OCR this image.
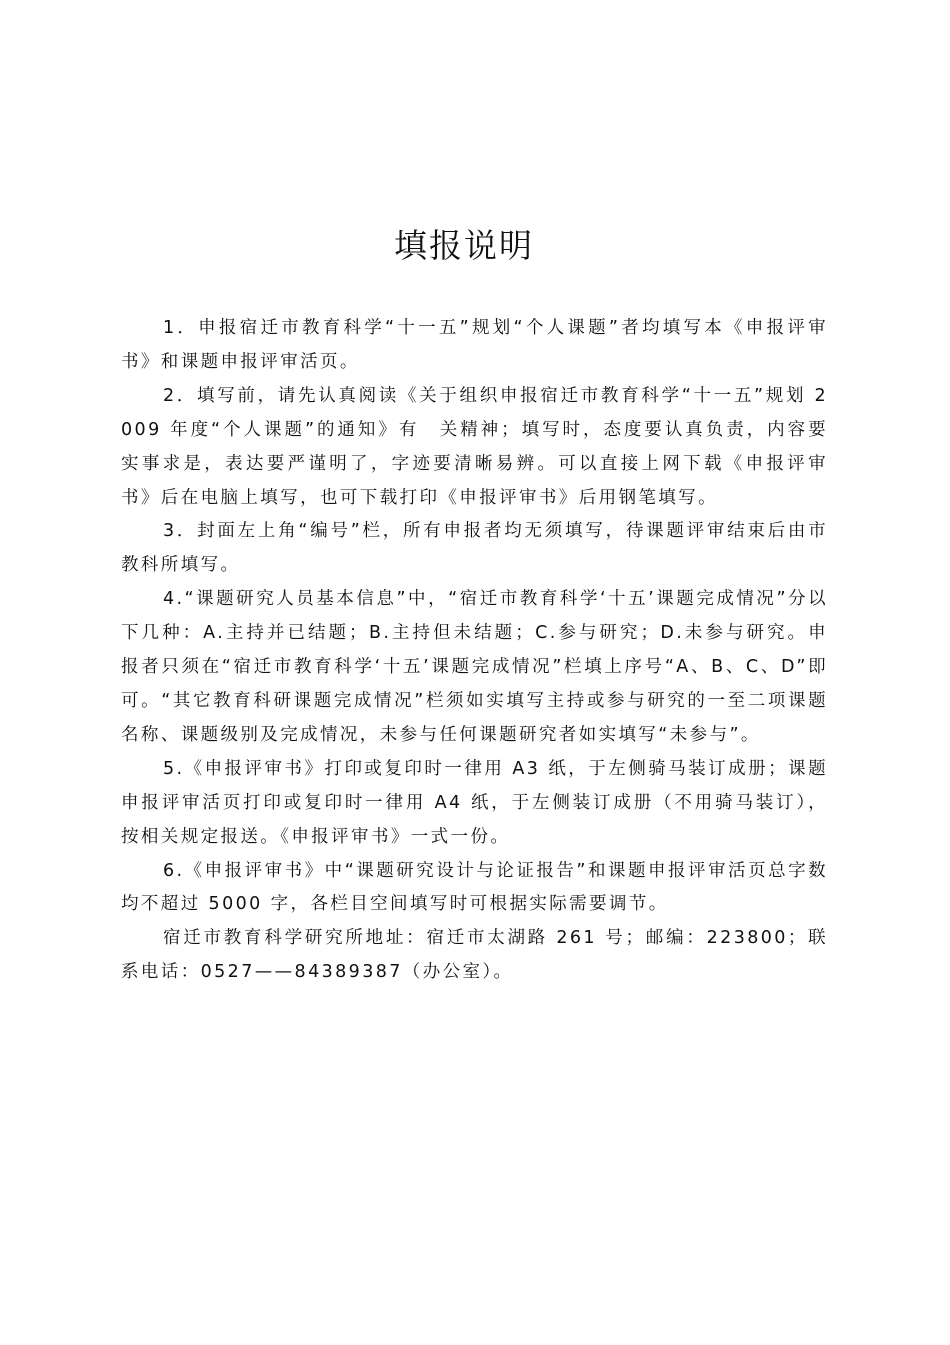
填报说明

1．申报宿迁市教育科学“十一五”规划“个人课题”者均填写本《申报评审书》和课题申报评审活页。

2．填写前，请先认真阅读《关于组织申报宿迁市教育科学“十一五”规划 2009 年度“个人课题”的通知》有　关精神；填写时，态度要认真负责，内容要实事求是，表达要严谨明了，字迹要清晰易辨。可以直接上网下载《申报评审书》后在电脑上填写，也可下载打印《申报评审书》后用钢笔填写。

3．封面左上角“编号”栏，所有申报者均无须填写，待课题评审结束后由市教科所填写。

4.“课题研究人员基本信息”中，“宿迁市教育科学‘十五’课题完成情况”分以下几种：A.主持并已结题；B.主持但未结题；C.参与研究；D.未参与研究。申报者只须在“宿迁市教育科学‘十五’课题完成情况”栏填上序号“A、B、C、D”即可。“其它教育科研课题完成情况”栏须如实填写主持或参与研究的一至二项课题名称、课题级别及完成情况，未参与任何课题研究者如实填写“未参与”。

5.《申报评审书》打印或复印时一律用 A3 纸，于左侧骑马装订成册；课题申报评审活页打印或复印时一律用 A4 纸，于左侧装订成册（不用骑马装订），按相关规定报送。《申报评审书》一式一份。

6.《申报评审书》中“课题研究设计与论证报告”和课题申报评审活页总字数均不超过 5000 字，各栏目空间填写时可根据实际需要调节。

宿迁市教育科学研究所地址：宿迁市太湖路 261 号；邮编：223800；联系电话：0527——84389387（办公室）。
